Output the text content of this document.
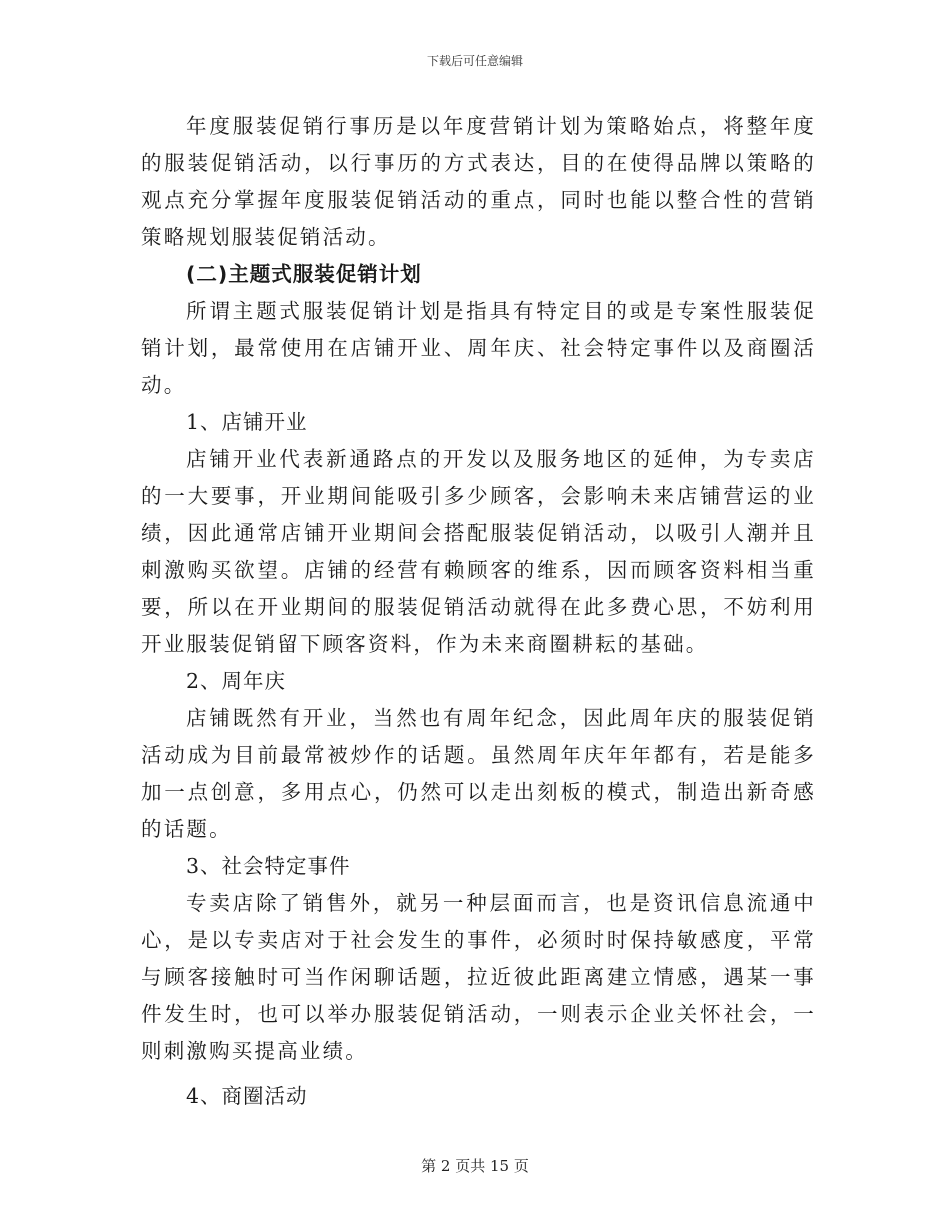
下载后可任意编辑

年度服装促销行事历是以年度营销计划为策略始点，将整年度的服装促销活动，以行事历的方式表达，目的在使得品牌以策略的观点充分掌握年度服装促销活动的重点，同时也能以整合性的营销策略规划服装促销活动。

(二)主题式服装促销计划

所谓主题式服装促销计划是指具有特定目的或是专案性服装促销计划，最常使用在店铺开业、周年庆、社会特定事件以及商圈活动。

1、店铺开业

店铺开业代表新通路点的开发以及服务地区的延伸，为专卖店的一大要事，开业期间能吸引多少顾客，会影响未来店铺营运的业绩，因此通常店铺开业期间会搭配服装促销活动，以吸引人潮并且刺激购买欲望。店铺的经营有赖顾客的维系，因而顾客资料相当重要，所以在开业期间的服装促销活动就得在此多费心思，不妨利用开业服装促销留下顾客资料，作为未来商圈耕耘的基础。

2、周年庆

店铺既然有开业，当然也有周年纪念，因此周年庆的服装促销活动成为目前最常被炒作的话题。虽然周年庆年年都有，若是能多加一点创意，多用点心，仍然可以走出刻板的模式，制造出新奇感的话题。

3、社会特定事件

专卖店除了销售外，就另一种层面而言，也是资讯信息流通中心，是以专卖店对于社会发生的事件，必须时时保持敏感度，平常与顾客接触时可当作闲聊话题，拉近彼此距离建立情感，遇某一事件发生时，也可以举办服装促销活动，一则表示企业关怀社会，一则刺激购买提高业绩。

4、商圈活动

第 2 页共 15 页
